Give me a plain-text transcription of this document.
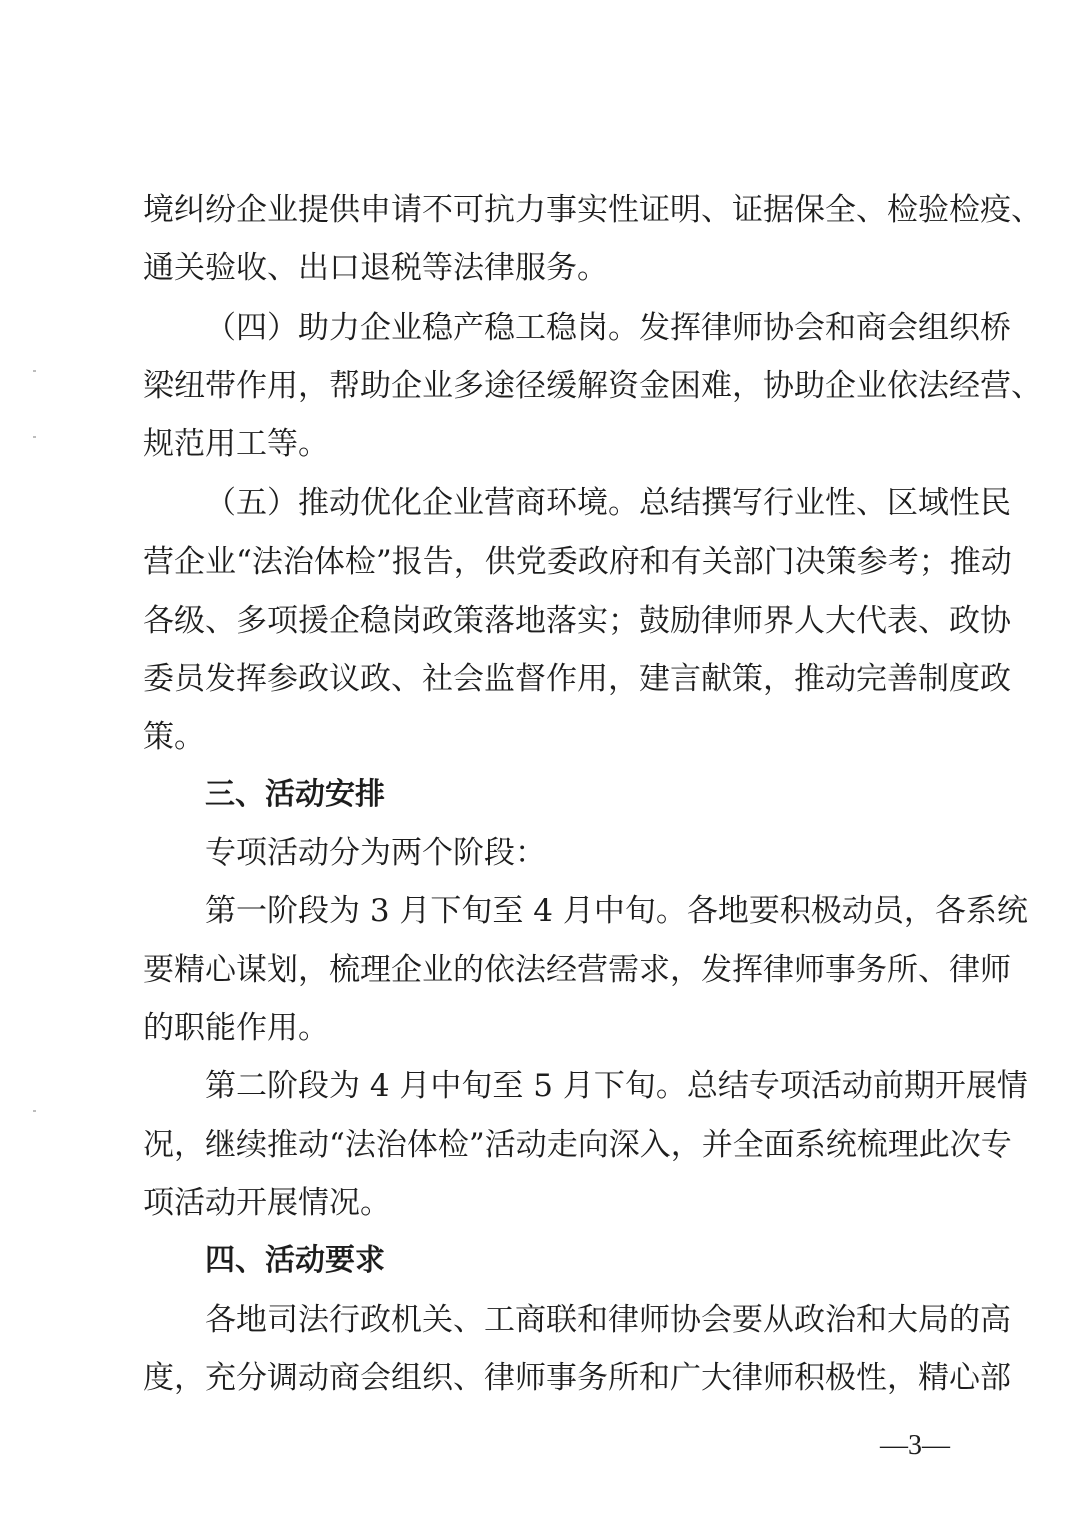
境纠纷企业提供申请不可抗力事实性证明、证据保全、检验检疫、
通关验收、出口退税等法律服务。
（四）助力企业稳产稳工稳岗。发挥律师协会和商会组织桥
梁纽带作用，帮助企业多途径缓解资金困难，协助企业依法经营、
规范用工等。
（五）推动优化企业营商环境。总结撰写行业性、区域性民
营企业“法治体检”报告，供党委政府和有关部门决策参考；推动
各级、多项援企稳岗政策落地落实；鼓励律师界人大代表、政协
委员发挥参政议政、社会监督作用，建言献策，推动完善制度政
策。
三、活动安排
专项活动分为两个阶段：
第一阶段为 3 月下旬至 4 月中旬。各地要积极动员，各系统
要精心谋划，梳理企业的依法经营需求，发挥律师事务所、律师
的职能作用。
第二阶段为 4 月中旬至 5 月下旬。总结专项活动前期开展情
况，继续推动“法治体检”活动走向深入，并全面系统梳理此次专
项活动开展情况。
四、活动要求
各地司法行政机关、工商联和律师协会要从政治和大局的高
度，充分调动商会组织、律师事务所和广大律师积极性，精心部
—3—
